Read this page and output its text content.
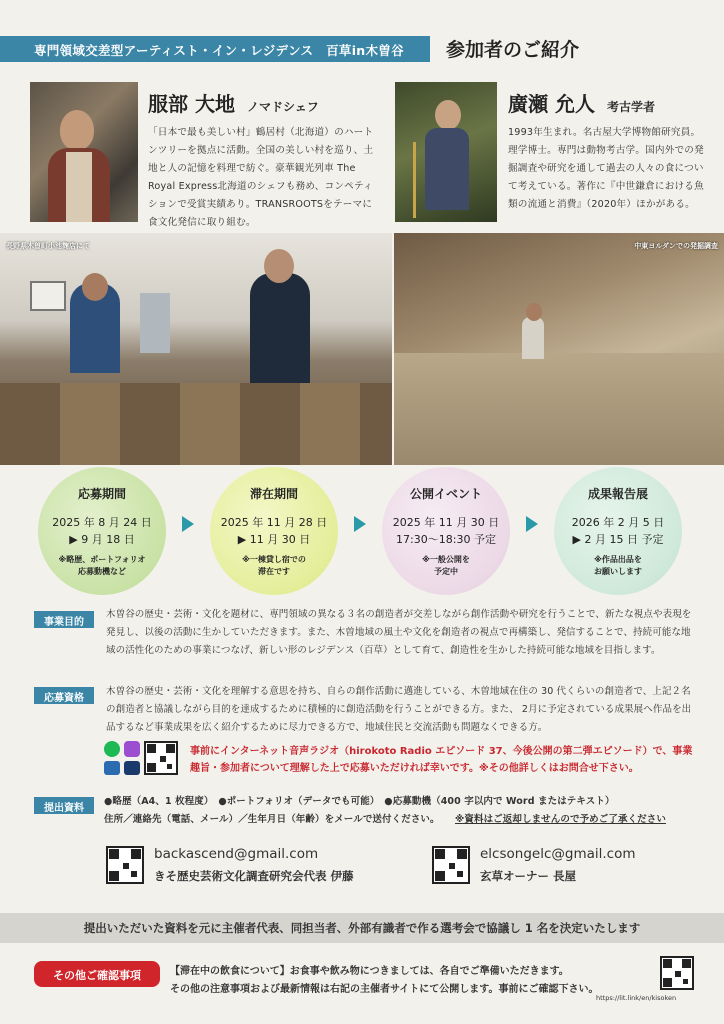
専門領域交差型アーティスト・イン・レジデンス　百草in木曽谷	参加者のご紹介
服部 大地 ノマドシェフ
「日本で最も美しい村」鶴居村（北海道）のハートンツリーを拠点に活動。全国の美しい村を巡り、土地と人の記憶を料理で紡ぐ。豪華観光列車 The Royal Express北海道のシェフも務め、コンペティションで受賞実績あり。TRANSROOTSをテーマに食文化発信に取り組む。
廣瀬 允人 考古学者
1993年生まれ。名古屋大学博物館研究員。理学博士。専門は動物考古学。国内外での発掘調査や研究を通して過去の人々の食について考えている。著作に『中世鎌倉における魚類の流通と消費』（2020年）ほかがある。
長野県木曽町小池麹店にて	中東ヨルダンでの発掘調査
応募期間
2025 年 8 月 24 日
▶ 9 月 18 日
※略歴、ポートフォリオ
応募動機など
滞在期間
2025 年 11 月 28 日
▶ 11 月 30 日
※一棟貸し宿での
滞在です
公開イベント
2025 年 11 月 30 日
17:30～18:30 予定
※一般公開を
予定中
成果報告展
2026 年 2 月 5 日
▶ 2 月 15 日 予定
※作品出品を
お願いします
事業目的
木曽谷の歴史・芸術・文化を題材に、専門領域の異なる３名の創造者が交差しながら創作活動や研究を行うことで、新たな視点や表現を発見し、以後の活動に生かしていただきます。また、木曽地域の風土や文化を創造者の視点で再構築し、発信することで、持続可能な地域の活性化のための事業につなげ、新しい形のレジデンス（百草）として育て、創造性を生かした持続可能な地域を目指します。
応募資格
木曽谷の歴史・芸術・文化を理解する意思を持ち、自らの創作活動に邁進している、木曽地域在住の 30 代くらいの創造者で、上記２名の創造者と協議しながら目的を達成するために積極的に創造活動を行うことができる方。また、 2月に予定されている成果展へ作品を出品するなど事業成果を広く紹介するために尽力できる方で、地域住民と交流活動も問題なくできる方。
事前にインターネット音声ラジオ（hirokoto Radio エピソード 37、今後公開の第二弾エピソード）で、事業趣旨・参加者について理解した上で応募いただければ幸いです。※その他詳しくはお問合せ下さい。
提出資料
●略歴（A4、1 枚程度）　●ポートフォリオ（データでも可能）　●応募動機（400 字以内で Word またはテキスト）
住所／連絡先（電話、メール）／生年月日（年齢）をメールで送付ください。 ※資料はご返却しませんので予めご了承ください
backascend@gmail.com
きそ歴史芸術文化調査研究会代表 伊藤
elcsongelc@gmail.com
玄草オーナー 長屋
提出いただいた資料を元に主催者代表、同担当者、外部有識者で作る選考会で協議し 1 名を決定いたします
その他ご確認事項	【滞在中の飲食について】お食事や飲み物につきましては、各自でご準備いただきます。
その他の注意事項および最新情報は右記の主催者サイトにて公開します。事前にご確認下さい。
https://lit.link/en/kisoken
